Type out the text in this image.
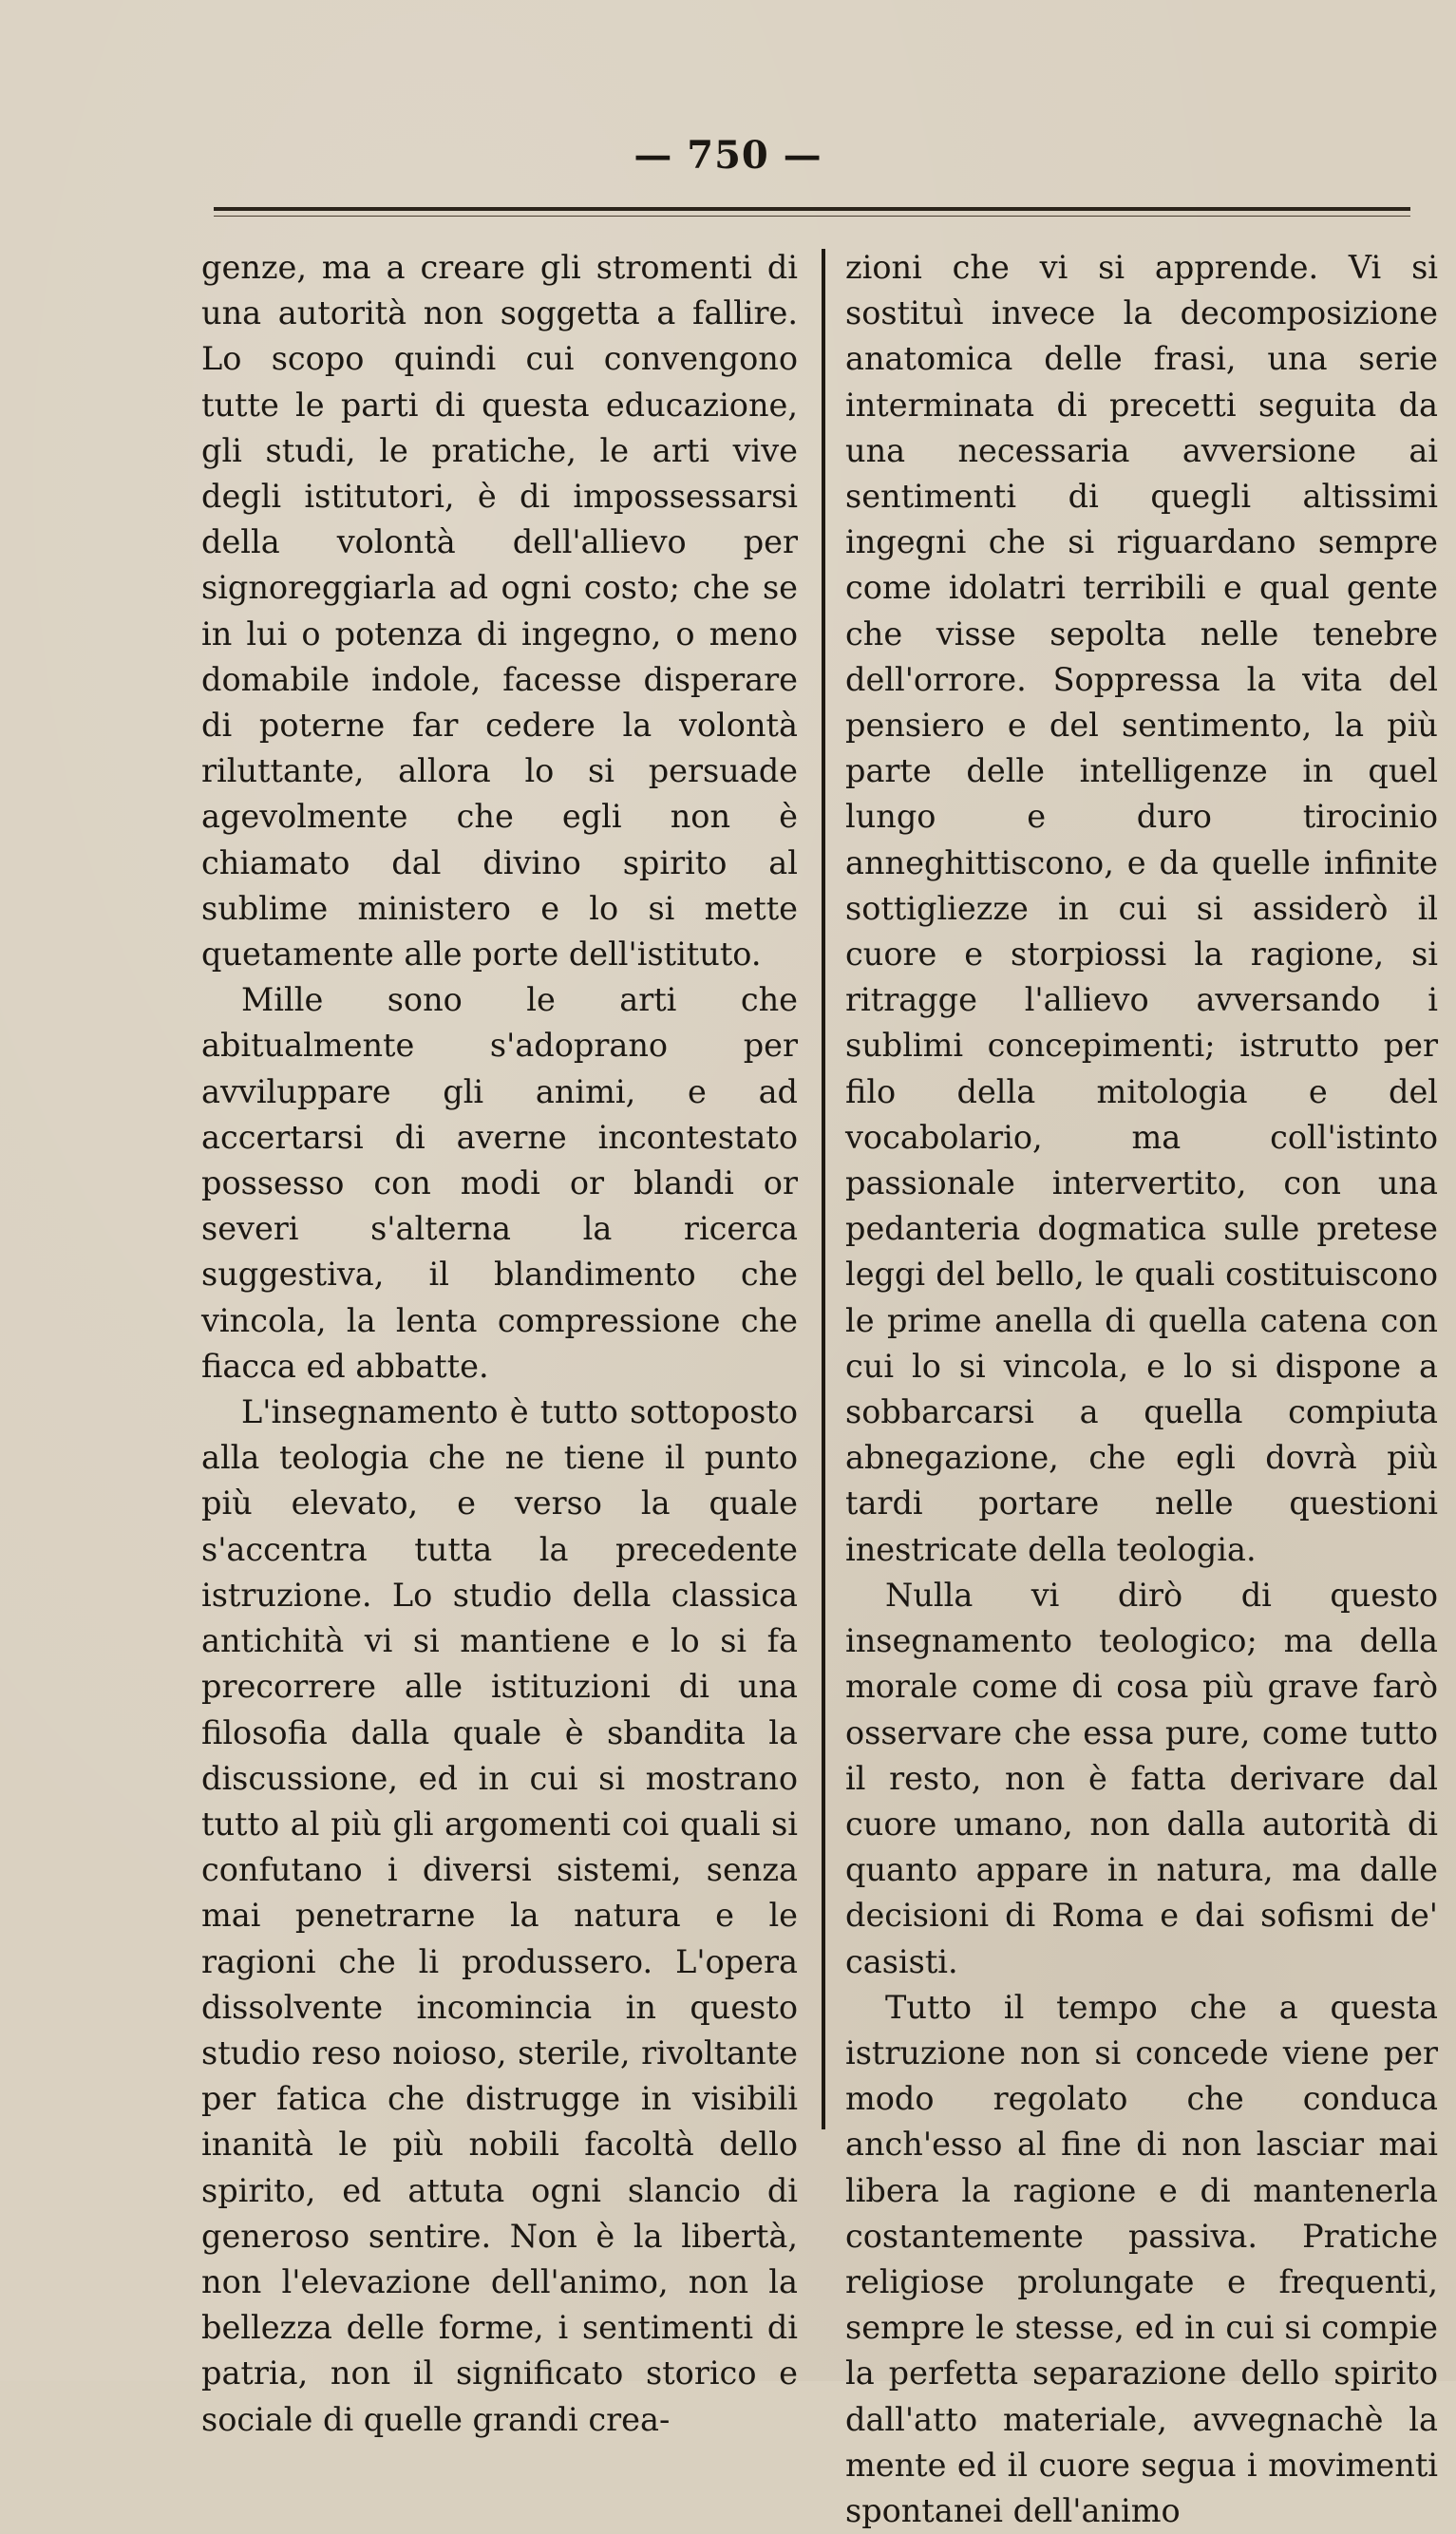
— 750 —

genze, ma a creare gli stromenti di una autorità non soggetta a fallire. Lo scopo quindi cui convengono tutte le parti di questa educazione, gli studi, le pratiche, le arti vive degli istitutori, è di impossessarsi della volontà dell'allievo per signoreggiarla ad ogni costo; che se in lui o potenza di ingegno, o meno domabile indole, facesse disperare di poterne far cedere la volontà riluttante, allora lo si persuade agevolmente che egli non è chiamato dal divino spirito al sublime ministero e lo si mette quetamente alle porte dell'istituto.

Mille sono le arti che abitualmente s'adoprano per avviluppare gli animi, e ad accertarsi di averne incontestato possesso con modi or blandi or severi s'alterna la ricerca suggestiva, il blandimento che vincola, la lenta compressione che fiacca ed abbatte.

L'insegnamento è tutto sottoposto alla teologia che ne tiene il punto più elevato, e verso la quale s'accentra tutta la precedente istruzione. Lo studio della classica antichità vi si mantiene e lo si fa precorrere alle istituzioni di una filosofia dalla quale è sbandita la discussione, ed in cui si mostrano tutto al più gli argomenti coi quali si confutano i diversi sistemi, senza mai penetrarne la natura e le ragioni che li produssero. L'opera dissolvente incomincia in questo studio reso noioso, sterile, rivoltante per fatica che distrugge in visibili inanità le più nobili facoltà dello spirito, ed attuta ogni slancio di generoso sentire. Non è la libertà, non l'elevazione dell'animo, non la bellezza delle forme, i sentimenti di patria, non il significato storico e sociale di quelle grandi crea-

zioni che vi si apprende. Vi si sostituì invece la decomposizione anatomica delle frasi, una serie interminata di precetti seguita da una necessaria avversione ai sentimenti di quegli altissimi ingegni che si riguardano sempre come idolatri terribili e qual gente che visse sepolta nelle tenebre dell'orrore. Soppressa la vita del pensiero e del sentimento, la più parte delle intelligenze in quel lungo e duro tirocinio anneghittiscono, e da quelle infinite sottigliezze in cui si assiderò il cuore e storpiossi la ragione, si ritragge l'allievo avversando i sublimi concepimenti; istrutto per filo della mitologia e del vocabolario, ma coll'istinto passionale intervertito, con una pedanteria dogmatica sulle pretese leggi del bello, le quali costituiscono le prime anella di quella catena con cui lo si vincola, e lo si dispone a sobbarcarsi a quella compiuta abnegazione, che egli dovrà più tardi portare nelle questioni inestricate della teologia.

Nulla vi dirò di questo insegnamento teologico; ma della morale come di cosa più grave farò osservare che essa pure, come tutto il resto, non è fatta derivare dal cuore umano, non dalla autorità di quanto appare in natura, ma dalle decisioni di Roma e dai sofismi de' casisti.

Tutto il tempo che a questa istruzione non si concede viene per modo regolato che conduca anch'esso al fine di non lasciar mai libera la ragione e di mantenerla costantemente passiva. Pratiche religiose prolungate e frequenti, sempre le stesse, ed in cui si compie la perfetta separazione dello spirito dall'atto materiale, avvegnachè la mente ed il cuore segua i movimenti spontanei dell'animo
